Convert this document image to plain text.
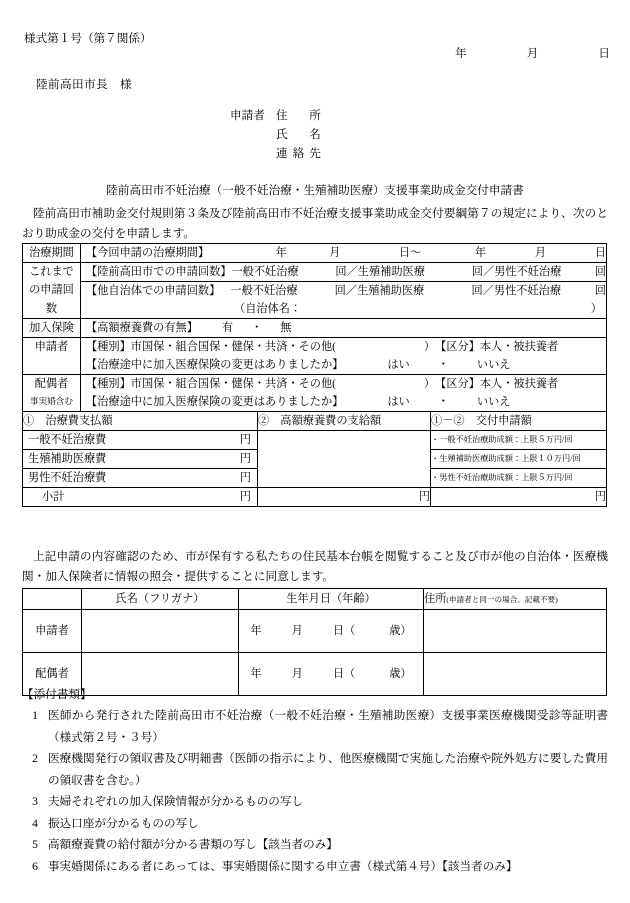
様式第１号（第７関係）
年	月	日
陸前高田市長　様
申請者 住　所
氏　名
連絡先
陸前高田市不妊治療（一般不妊治療・生殖補助医療）支援事業助成金交付申請書
陸前高田市補助金交付規則第３条及び陸前高田市不妊治療支援事業助成金交付要綱第７の規定により、次のとおり助成金の交付を申請します。
治療期間	【今回申請の治療期間】	年	月	日～	年	月	日

これまで	【陸前高田市での申請回数】 一般不妊治療	回／ 生殖補助医療	回／ 男性不妊治療	回

の申請回	【他自治体での申請回数】 一般不妊治療	回／ 生殖補助医療	回／ 男性不妊治療	回

数	（自治体名： ）		

加入保険	【高額療養費の有無】 有 ・ 無		

申請者	【種別】 市国保・組合国保・健保・共済・その他( ） 【区分】 本人・被扶養者		

	【治療途中に加入医療保険の変更はありましたか】 はい ・ いいえ		

配偶者	【種別】 市国保・組合国保・健保・共済・その他( ） 【区分】 本人・被扶養者		

事実婚含む	【治療途中に加入医療保険の変更はありましたか】 はい ・ いいえ		

①　治療費支払額		②　高額療養費の支給額	①－②　交付申請額

一般不妊治療費 円			・一般不妊治療助成額：上限５万円/回

生殖補助医療費 円			・生殖補助医療助成額：上限１０万円/回

男性不妊治療費 円			・男性不妊治療助成額：上限５万円/回

小計 円		円	円
上記申請の内容確認のため、市が保有する私たちの住民基本台帳を閲覧すること及び市が他の自治体・医療機関・加入保険者に情報の照会・提供することに同意します。
	氏名（フリガナ）	生年月日（年齢）	住所(申請者と同一の場合、記載不要)
申請者		年 月 日（ 歳）	

配偶者		年 月 日（ 歳）	

【添付書類】
1 医師から発行された陸前高田市不妊治療（一般不妊治療・生殖補助医療）支援事業医療機関受診等証明書（様式第２号・３号）
2 医療機関発行の領収書及び明細書（医師の指示により、他医療機関で実施した治療や院外処方に要した費用の領収書を含む。）
3 夫婦それぞれの加入保険情報が分かるものの写し
4 振込口座が分かるものの写し
5 高額療養費の給付額が分かる書類の写し【該当者のみ】
6 事実婚関係にある者にあっては、事実婚関係に関する申立書（様式第４号）【該当者のみ】
